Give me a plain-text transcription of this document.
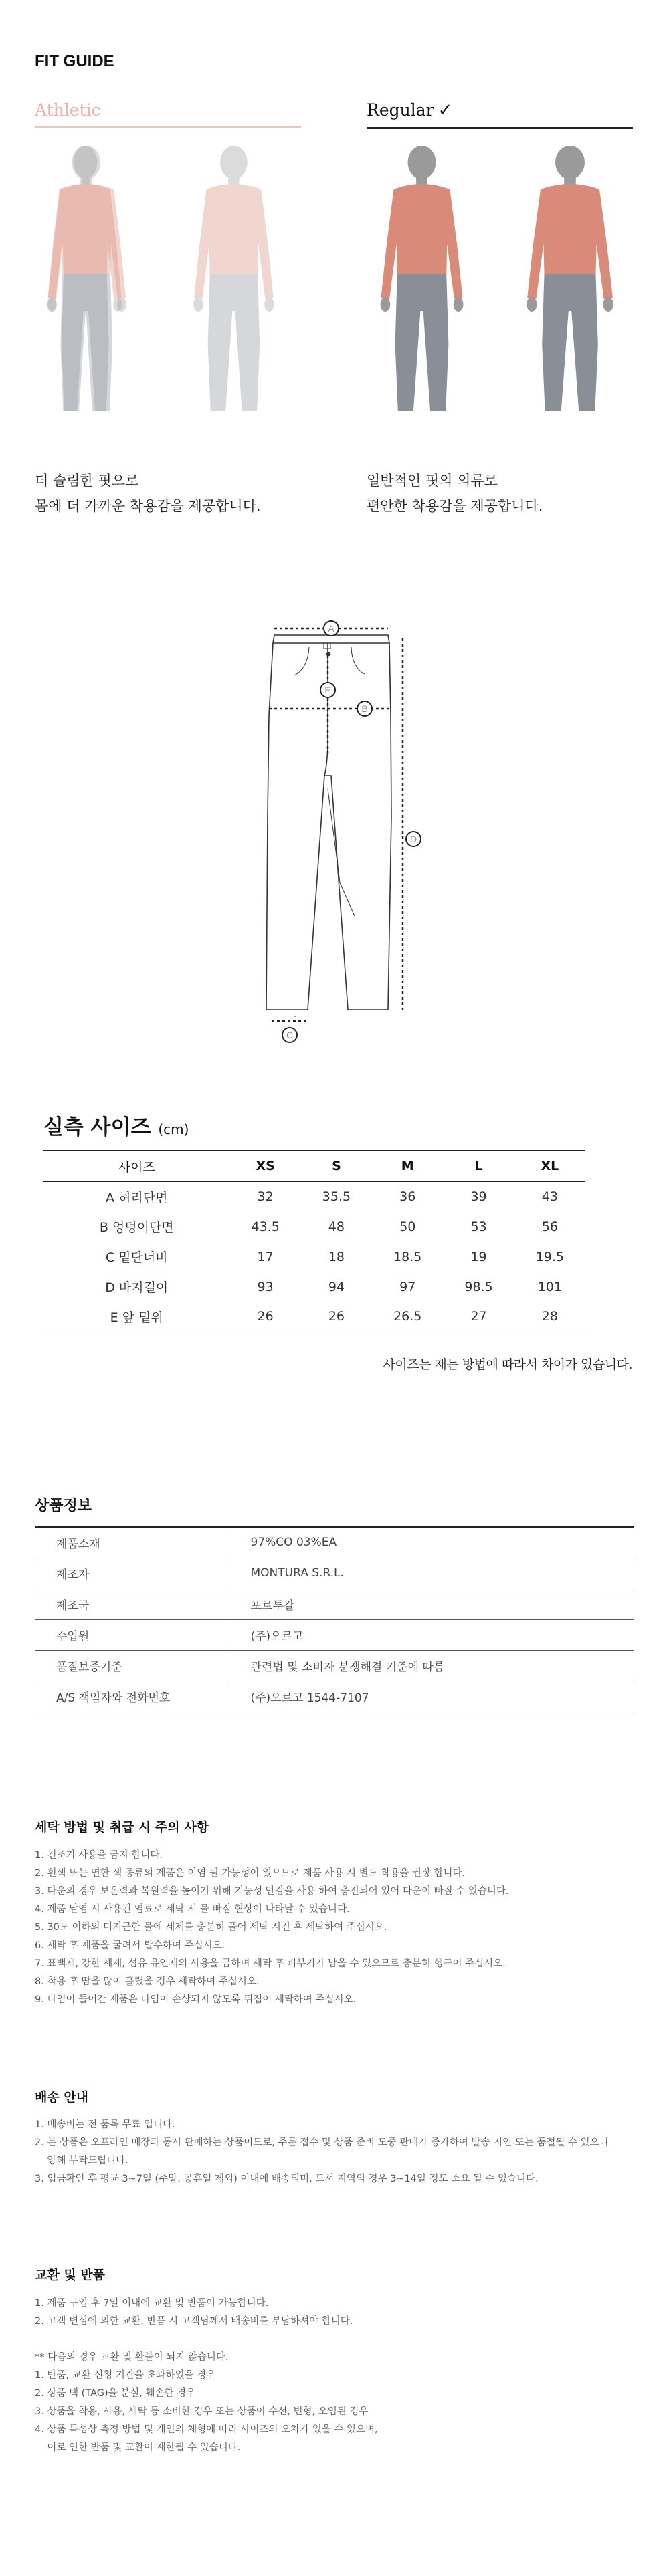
FIT GUIDE
Athletic	Regular ✓
더 슬림한 핏으로
몸에 더 가까운 착용감을 제공합니다.
일반적인 핏의 의류로
편안한 착용감을 제공합니다.
A
E
B
D
C
실측 사이즈 (cm)
사이즈	XS	S	M	L	XL
A 허리단면	32	35.5	36	39	43
B 엉덩이단면	43.5	48	50	53	56
C 밑단너비	17	18	18.5	19	19.5
D 바지길이	93	94	97	98.5	101
E 앞 밑위	26	26	26.5	27	28
사이즈는 재는 방법에 따라서 차이가 있습니다.
상품정보
제품소재	97%CO 03%EA
제조자	MONTURA S.R.L.
제조국	포르투갈
수입원	(주)오르고
품질보증기준	관련법 및 소비자 분쟁해결 기준에 따름
A/S 책임자와 전화번호	(주)오르고 1544-7107
세탁 방법 및 취급 시 주의 사항
1. 건조기 사용을 금지 합니다.
2. 흰색 또는 연한 색 종류의 제품은 이염 될 가능성이 있으므로 제품 사용 시 별도 착용을 권장 합니다.
3. 다운의 경우 보온력과 복원력을 높이기 위해 기능성 안감을 사용 하여 충전되어 있어 다운이 빠질 수 있습니다.
4. 제품 낱염 시 사용된 염료로 세탁 시 물 빠짐 현상이 나타날 수 있습니다.
5. 30도 이하의 미지근한 물에 세제를 충분히 풀어 세탁 시킨 후 세탁하여 주십시오.
6. 세탁 후 제품을 굴려서 탈수하여 주십시오.
7. 표백제, 강한 세제, 섬유 유연제의 사용을 금하며 세탁 후 피부기가 남을 수 있으므로 충분히 헹구어 주십시오.
8. 착용 후 땀을 많이 흘렸을 경우 세탁하여 주십시오.
9. 나염이 들어간 제품은 나염이 손상되지 않도록 뒤집어 세탁하여 주십시오.
배송 안내
1. 배송비는 전 품목 무료 입니다.
2. 본 상품은 오프라인 매장과 동시 판매하는 상품이므로, 주문 접수 및 상품 준비 도중 판매가 증가하여 발송 지연 또는 품절될 수 있으니
양해 부탁드립니다.
3. 입금확인 후 평균 3~7일 (주말, 공휴일 제외) 이내에 배송되며, 도서 지역의 경우 3~14일 정도 소요 될 수 있습니다.
교환 및 반품
1. 제품 구입 후 7일 이내에 교환 및 반품이 가능합니다.
2. 고객 변심에 의한 교환, 반품 시 고객님께서 배송비를 부담하셔야 합니다.
** 다음의 경우 교환 및 환불이 되지 않습니다.
1. 반품, 교환 신청 기간을 초과하였을 경우
2. 상품 택 (TAG)을 분실, 훼손한 경우
3. 상품을 착용, 사용, 세탁 등 소비한 경우 또는 상품이 수선, 변형, 오염된 경우
4. 상품 특성상 측정 방법 및 개인의 체형에 따라 사이즈의 오차가 있을 수 있으며,
이로 인한 반품 및 교환이 제한될 수 있습니다.
